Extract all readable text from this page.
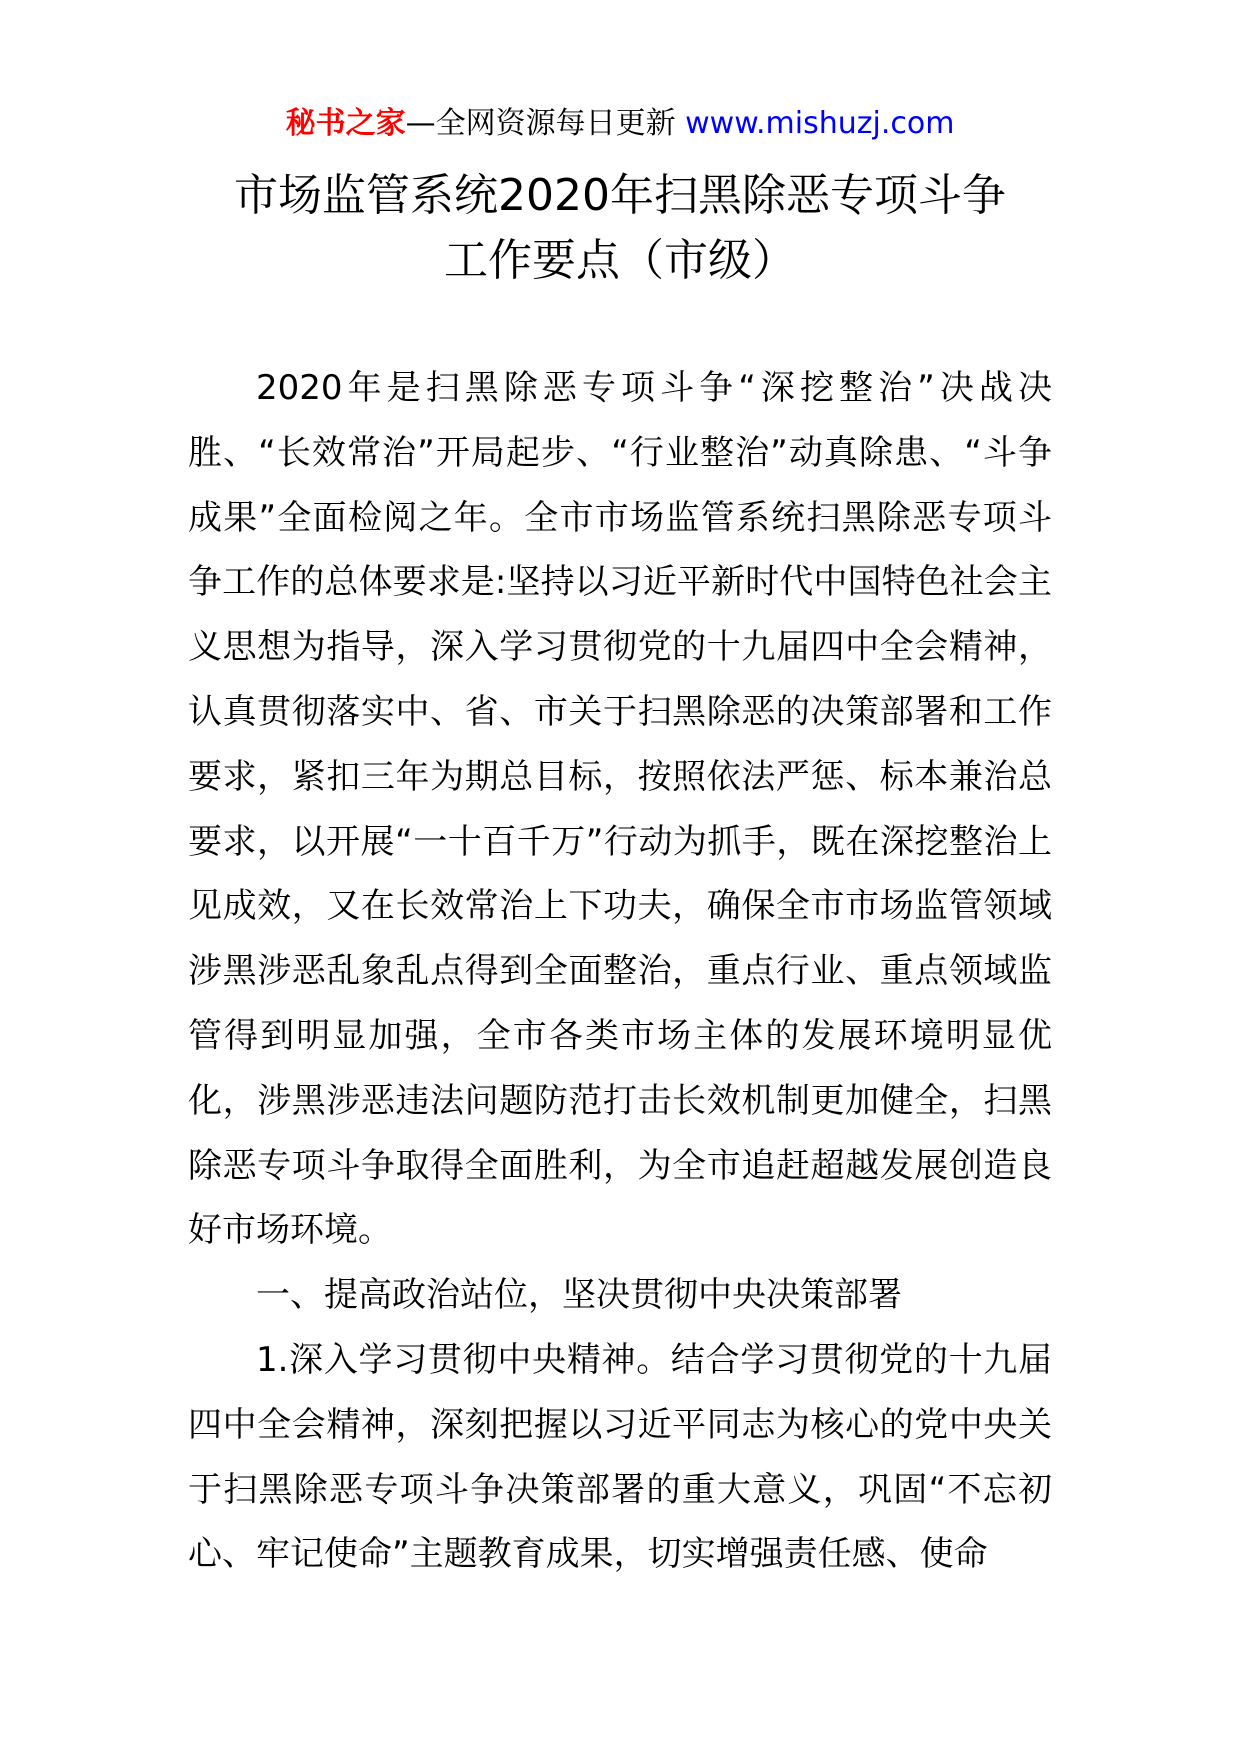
秘书之家—全网资源每日更新 www.mishuzj.com
市场监管系统2020年扫黑除恶专项斗争
工作要点（市级）

2020年是扫黑除恶专项斗争“深挖整治”决战决胜、“长效常治”开局起步、“行业整治”动真除患、“斗争成果”全面检阅之年。全市市场监管系统扫黑除恶专项斗争工作的总体要求是:坚持以习近平新时代中国特色社会主义思想为指导，深入学习贯彻党的十九届四中全会精神，认真贯彻落实中、省、市关于扫黑除恶的决策部署和工作要求，紧扣三年为期总目标，按照依法严惩、标本兼治总要求，以开展“一十百千万”行动为抓手，既在深挖整治上见成效，又在长效常治上下功夫，确保全市市场监管领域涉黑涉恶乱象乱点得到全面整治，重点行业、重点领域监管得到明显加强，全市各类市场主体的发展环境明显优化，涉黑涉恶违法问题防范打击长效机制更加健全，扫黑除恶专项斗争取得全面胜利，为全市追赶超越发展创造良好市场环境。

一、提高政治站位，坚决贯彻中央决策部署

1.深入学习贯彻中央精神。结合学习贯彻党的十九届四中全会精神，深刻把握以习近平同志为核心的党中央关于扫黑除恶专项斗争决策部署的重大意义，巩固“不忘初心、牢记使命”主题教育成果，切实增强责任感、使命
